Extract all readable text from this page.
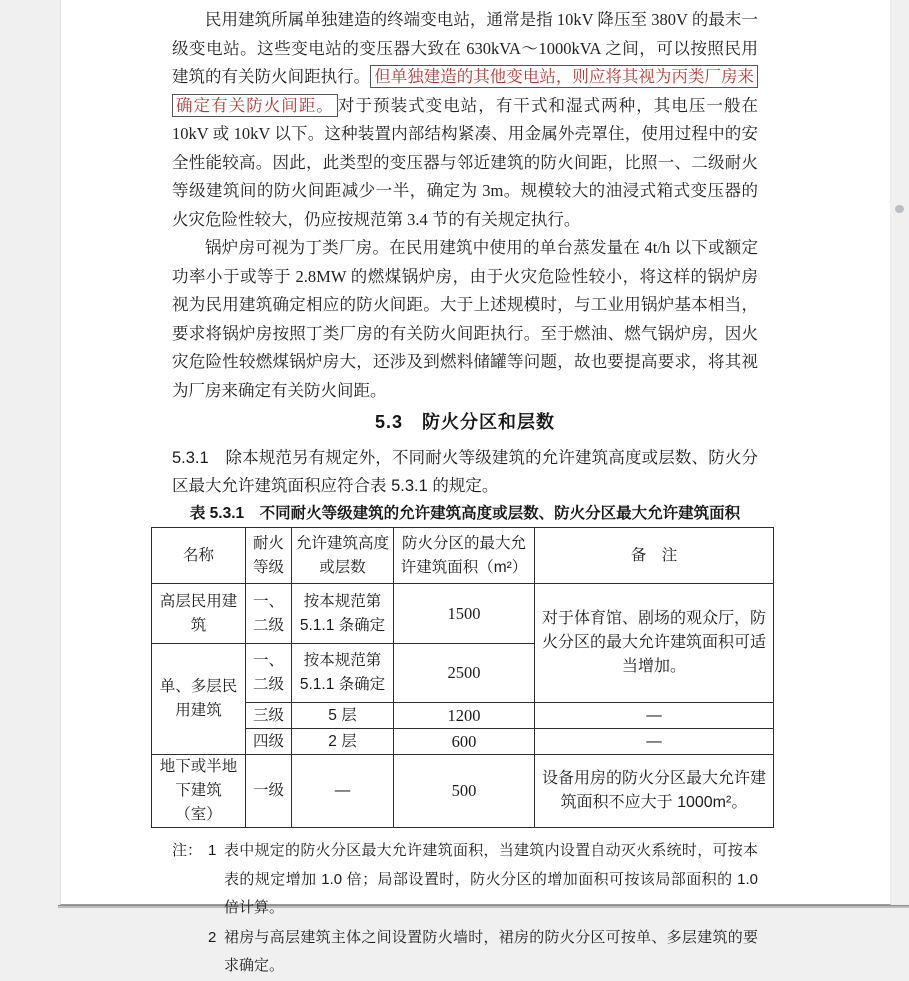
民用建筑所属单独建造的终端变电站，通常是指 10kV 降压至 380V 的最末一级变电站。这些变电站的变压器大致在 630kVA～1000kVA 之间，可以按照民用建筑的有关防火间距执行。 但单独建造的其他变电站，则应将其视为丙类厂房来确定有关防火间距。 对于预装式变电站，有干式和湿式两种，其电压一般在 10kV 或 10kV 以下。这种装置内部结构紧凑、用金属外壳罩住，使用过程中的安全性能较高。因此，此类型的变压器与邻近建筑的防火间距，比照一、二级耐火等级建筑间的防火间距减少一半，确定为 3m。规模较大的油浸式箱式变压器的火灾危险性较大，仍应按规范第 3.4 节的有关规定执行。

锅炉房可视为丁类厂房。在民用建筑中使用的单台蒸发量在 4t/h 以下或额定功率小于或等于 2.8MW 的燃煤锅炉房，由于火灾危险性较小，将这样的锅炉房视为民用建筑确定相应的防火间距。大于上述规模时，与工业用锅炉基本相当，要求将锅炉房按照丁类厂房的有关防火间距执行。至于燃油、燃气锅炉房，因火灾危险性较燃煤锅炉房大，还涉及到燃料储罐等问题，故也要提高要求，将其视为厂房来确定有关防火间距。

5.3　防火分区和层数

5.3.1　除本规范另有规定外，不同耐火等级建筑的允许建筑高度或层数、防火分区最大允许建筑面积应符合表 5.3.1 的规定。

表 5.3.1　不同耐火等级建筑的允许建筑高度或层数、防火分区最大允许建筑面积
名称	耐火等级	允许建筑高度或层数	防火分区的最大允许建筑面积（m²）	备　注
高层民用建筑	一、二级	按本规范第 5.1.1 条确定	1500	对于体育馆、剧场的观众厅，防火分区的最大允许建筑面积可适当增加。
单、多层民用建筑	一、二级	按本规范第 5.1.1 条确定	2500	
	三级	5 层	1200	—
	四级	2 层	600	—
地下或半地下建筑（室）	一级	—	500	设备用房的防火分区最大允许建筑面积不应大于 1000m²。
注： 1 表中规定的防火分区最大允许建筑面积，当建筑内设置自动灭火系统时，可按本表的规定增加 1.0 倍；局部设置时，防火分区的增加面积可按该局部面积的 1.0 倍计算。
2 裙房与高层建筑主体之间设置防火墙时，裙房的防火分区可按单、多层建筑的要求确定。
